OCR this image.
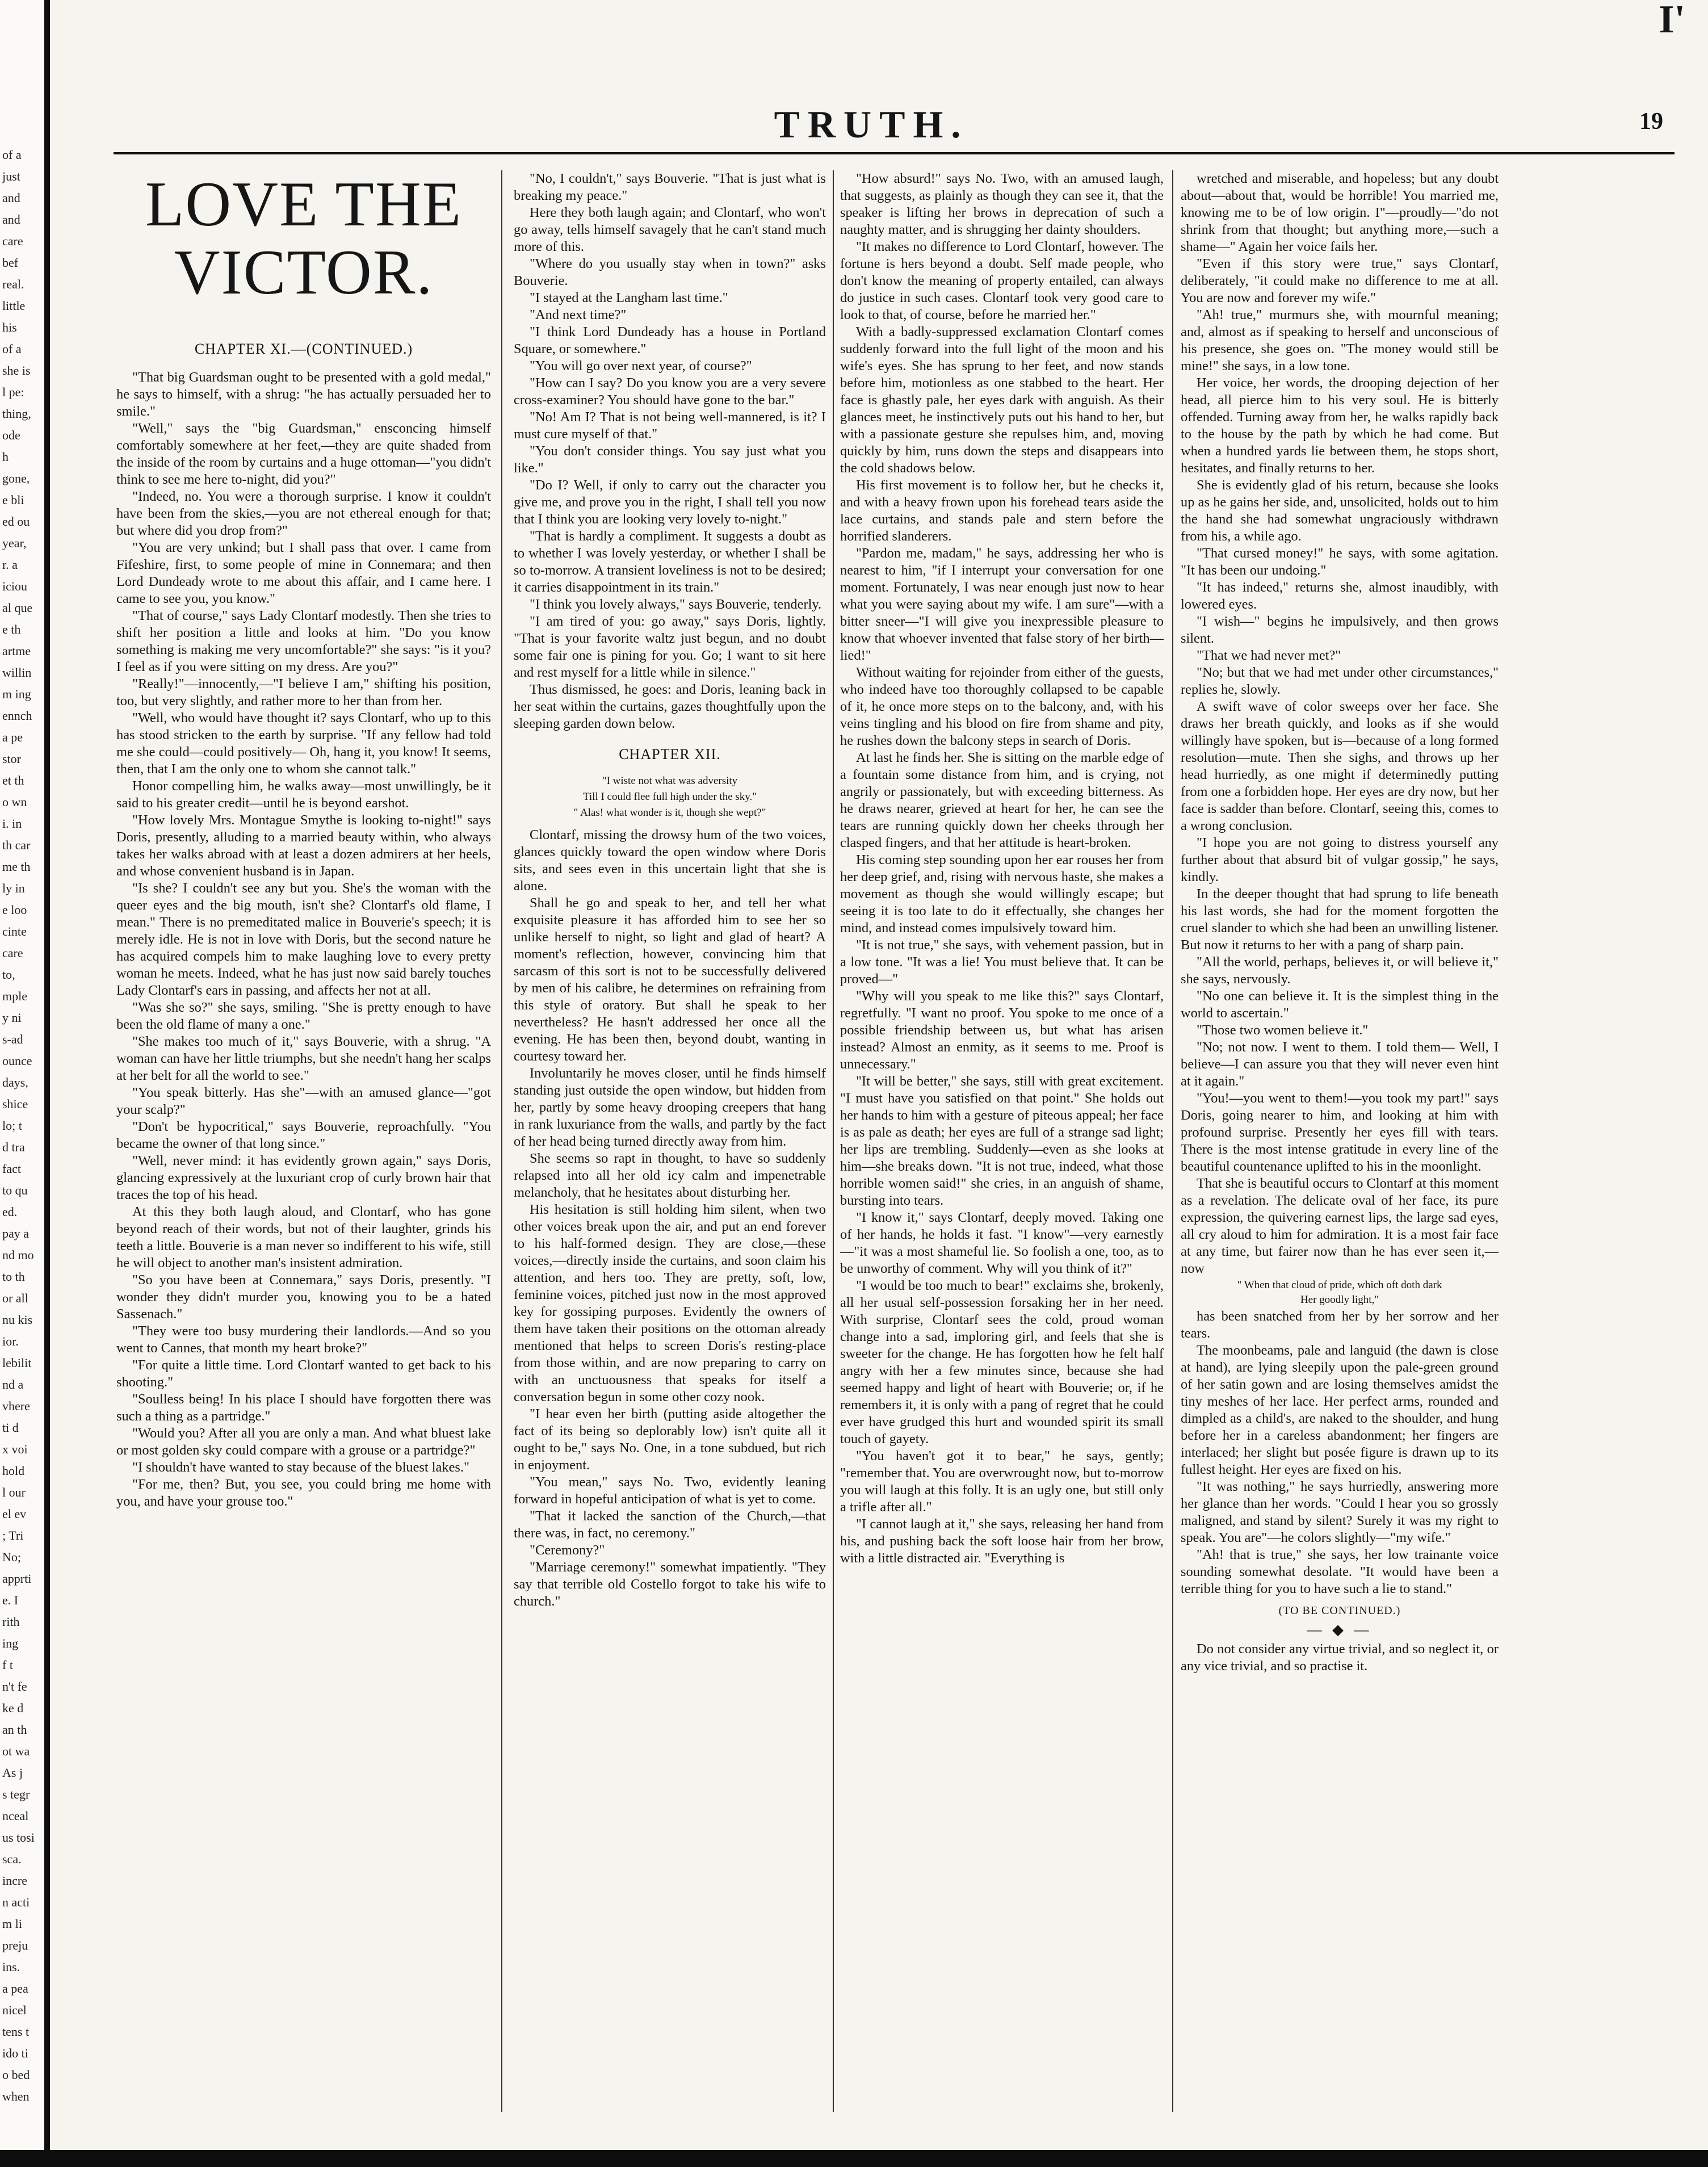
of a
just
and
and
care
bef
real.
little
his
of a
she is
l pe:
thing,
ode
h
gone,
e bli
ed ou
year,
r. a
iciou
al que
e th
artme
willin
m ing
ennch
a pe
stor
et th
o wn
i. in
th car
me th
ly in
e loo
cinte
care
to,
mple
y ni
s-ad
ounce
days,
shice
lo; t
d tra
fact
to qu
ed.
pay a
nd mo
to th
or all
nu kis
ior.
lebilit
nd a
vhere
ti d
x voi
hold
l our
el ev
; Tri
No;
apprti
e. I
rith
ing
f t
n't fe
ke d
an th
ot wa
As j
s tegr
nceal
us tosi
sca.
incre
n acti
m li
preju
ins.
a pea
nicel
tens t
ido ti
o bed
when
I'
TRUTH.	19
LOVE THE VICTOR.
CHAPTER XI.—(CONTINUED.)

"That big Guardsman ought to be presented with a gold medal," he says to himself, with a shrug: "he has actually persuaded her to smile."

"Well," says the "big Guardsman," ensconcing himself comfortably somewhere at her feet,—they are quite shaded from the inside of the room by curtains and a huge ottoman—"you didn't think to see me here to-night, did you?"

"Indeed, no. You were a thorough surprise. I know it couldn't have been from the skies,—you are not ethereal enough for that; but where did you drop from?"

"You are very unkind; but I shall pass that over. I came from Fifeshire, first, to some people of mine in Connemara; and then Lord Dundeady wrote to me about this affair, and I came here. I came to see you, you know."

"That of course," says Lady Clontarf modestly. Then she tries to shift her position a little and looks at him. "Do you know something is making me very uncomfortable?" she says: "is it you? I feel as if you were sitting on my dress. Are you?"

"Really!"—innocently,—"I believe I am," shifting his position, too, but very slightly, and rather more to her than from her.

"Well, who would have thought it? says Clontarf, who up to this has stood stricken to the earth by surprise. "If any fellow had told me she could—could positively— Oh, hang it, you know! It seems, then, that I am the only one to whom she cannot talk."

Honor compelling him, he walks away—most unwillingly, be it said to his greater credit—until he is beyond earshot.

"How lovely Mrs. Montague Smythe is looking to-night!" says Doris, presently, alluding to a married beauty within, who always takes her walks abroad with at least a dozen admirers at her heels, and whose convenient husband is in Japan.

"Is she? I couldn't see any but you. She's the woman with the queer eyes and the big mouth, isn't she? Clontarf's old flame, I mean." There is no premeditated malice in Bouverie's speech; it is merely idle. He is not in love with Doris, but the second nature he has acquired compels him to make laughing love to every pretty woman he meets. Indeed, what he has just now said barely touches Lady Clontarf's ears in passing, and affects her not at all.

"Was she so?" she says, smiling. "She is pretty enough to have been the old flame of many a one."

"She makes too much of it," says Bouverie, with a shrug. "A woman can have her little triumphs, but she needn't hang her scalps at her belt for all the world to see."

"You speak bitterly. Has she"—with an amused glance—"got your scalp?"

"Don't be hypocritical," says Bouverie, reproachfully. "You became the owner of that long since."

"Well, never mind: it has evidently grown again," says Doris, glancing expressively at the luxuriant crop of curly brown hair that traces the top of his head.

At this they both laugh aloud, and Clontarf, who has gone beyond reach of their words, but not of their laughter, grinds his teeth a little. Bouverie is a man never so indifferent to his wife, still he will object to another man's insistent admiration.

"So you have been at Connemara," says Doris, presently. "I wonder they didn't murder you, knowing you to be a hated Sassenach."

"They were too busy murdering their landlords.—And so you went to Cannes, that month my heart broke?"

"For quite a little time. Lord Clontarf wanted to get back to his shooting."

"Soulless being! In his place I should have forgotten there was such a thing as a partridge."

"Would you? After all you are only a man. And what bluest lake or most golden sky could compare with a grouse or a partridge?"

"I shouldn't have wanted to stay because of the bluest lakes."

"For me, then? But, you see, you could bring me home with you, and have your grouse too."

"No, I couldn't," says Bouverie. "That is just what is breaking my peace."

Here they both laugh again; and Clontarf, who won't go away, tells himself savagely that he can't stand much more of this.

"Where do you usually stay when in town?" asks Bouverie.

"I stayed at the Langham last time."

"And next time?"

"I think Lord Dundeady has a house in Portland Square, or somewhere."

"You will go over next year, of course?"

"How can I say? Do you know you are a very severe cross-examiner? You should have gone to the bar."

"No! Am I? That is not being well-mannered, is it? I must cure myself of that."

"You don't consider things. You say just what you like."

"Do I? Well, if only to carry out the character you give me, and prove you in the right, I shall tell you now that I think you are looking very lovely to-night."

"That is hardly a compliment. It suggests a doubt as to whether I was lovely yesterday, or whether I shall be so to-morrow. A transient loveliness is not to be desired; it carries disappointment in its train."

"I think you lovely always," says Bouverie, tenderly.

"I am tired of you: go away," says Doris, lightly. "That is your favorite waltz just begun, and no doubt some fair one is pining for you. Go; I want to sit here and rest myself for a little while in silence."

Thus dismissed, he goes: and Doris, leaning back in her seat within the curtains, gazes thoughtfully upon the sleeping garden down below.

CHAPTER XII.
"I wiste not what was adversity
Till I could flee full high under the sky."
" Alas! what wonder is it, though she wept?"

Clontarf, missing the drowsy hum of the two voices, glances quickly toward the open window where Doris sits, and sees even in this uncertain light that she is alone.

Shall he go and speak to her, and tell her what exquisite pleasure it has afforded him to see her so unlike herself to night, so light and glad of heart? A moment's reflection, however, convincing him that sarcasm of this sort is not to be successfully delivered by men of his calibre, he determines on refraining from this style of oratory. But shall he speak to her nevertheless? He hasn't addressed her once all the evening. He has been then, beyond doubt, wanting in courtesy toward her.

Involuntarily he moves closer, until he finds himself standing just outside the open window, but hidden from her, partly by some heavy drooping creepers that hang in rank luxuriance from the walls, and partly by the fact of her head being turned directly away from him.

She seems so rapt in thought, to have so suddenly relapsed into all her old icy calm and impenetrable melancholy, that he hesitates about disturbing her.

His hesitation is still holding him silent, when two other voices break upon the air, and put an end forever to his half-formed design. They are close,—these voices,—directly inside the curtains, and soon claim his attention, and hers too. They are pretty, soft, low, feminine voices, pitched just now in the most approved key for gossiping purposes. Evidently the owners of them have taken their positions on the ottoman already mentioned that helps to screen Doris's resting-place from those within, and are now preparing to carry on with an unctuousness that speaks for itself a conversation begun in some other cozy nook.

"I hear even her birth (putting aside altogether the fact of its being so deplorably low) isn't quite all it ought to be," says No. One, in a tone subdued, but rich in enjoyment.

"You mean," says No. Two, evidently leaning forward in hopeful anticipation of what is yet to come.

"That it lacked the sanction of the Church,—that there was, in fact, no ceremony."

"Ceremony?"

"Marriage ceremony!" somewhat impatiently. "They say that terrible old Costello forgot to take his wife to church."

"How absurd!" says No. Two, with an amused laugh, that suggests, as plainly as though they can see it, that the speaker is lifting her brows in deprecation of such a naughty matter, and is shrugging her dainty shoulders.

"It makes no difference to Lord Clontarf, however. The fortune is hers beyond a doubt. Self made people, who don't know the meaning of property entailed, can always do justice in such cases. Clontarf took very good care to look to that, of course, before he married her."

With a badly-suppressed exclamation Clontarf comes suddenly forward into the full light of the moon and his wife's eyes. She has sprung to her feet, and now stands before him, motionless as one stabbed to the heart. Her face is ghastly pale, her eyes dark with anguish. As their glances meet, he instinctively puts out his hand to her, but with a passionate gesture she repulses him, and, moving quickly by him, runs down the steps and disappears into the cold shadows below.

His first movement is to follow her, but he checks it, and with a heavy frown upon his forehead tears aside the lace curtains, and stands pale and stern before the horrified slanderers.

"Pardon me, madam," he says, addressing her who is nearest to him, "if I interrupt your conversation for one moment. Fortunately, I was near enough just now to hear what you were saying about my wife. I am sure"—with a bitter sneer—"I will give you inexpressible pleasure to know that whoever invented that false story of her birth—lied!"

Without waiting for rejoinder from either of the guests, who indeed have too thoroughly collapsed to be capable of it, he once more steps on to the balcony, and, with his veins tingling and his blood on fire from shame and pity, he rushes down the balcony steps in search of Doris.

At last he finds her. She is sitting on the marble edge of a fountain some distance from him, and is crying, not angrily or passionately, but with exceeding bitterness. As he draws nearer, grieved at heart for her, he can see the tears are running quickly down her cheeks through her clasped fingers, and that her attitude is heart-broken.

His coming step sounding upon her ear rouses her from her deep grief, and, rising with nervous haste, she makes a movement as though she would willingly escape; but seeing it is too late to do it effectually, she changes her mind, and instead comes impulsively toward him.

"It is not true," she says, with vehement passion, but in a low tone. "It was a lie! You must believe that. It can be proved—"

"Why will you speak to me like this?" says Clontarf, regretfully. "I want no proof. You spoke to me once of a possible friendship between us, but what has arisen instead? Almost an enmity, as it seems to me. Proof is unnecessary."

"It will be better," she says, still with great excitement. "I must have you satisfied on that point." She holds out her hands to him with a gesture of piteous appeal; her face is as pale as death; her eyes are full of a strange sad light; her lips are trembling. Suddenly—even as she looks at him—she breaks down. "It is not true, indeed, what those horrible women said!" she cries, in an anguish of shame, bursting into tears.

"I know it," says Clontarf, deeply moved. Taking one of her hands, he holds it fast. "I know"—very earnestly—"it was a most shameful lie. So foolish a one, too, as to be unworthy of comment. Why will you think of it?"

"I would be too much to bear!" exclaims she, brokenly, all her usual self-possession forsaking her in her need. With surprise, Clontarf sees the cold, proud woman change into a sad, imploring girl, and feels that she is sweeter for the change. He has forgotten how he felt half angry with her a few minutes since, because she had seemed happy and light of heart with Bouverie; or, if he remembers it, it is only with a pang of regret that he could ever have grudged this hurt and wounded spirit its small touch of gayety.

"You haven't got it to bear," he says, gently; "remember that. You are overwrought now, but to-morrow you will laugh at this folly. It is an ugly one, but still only a trifle after all."

"I cannot laugh at it," she says, releasing her hand from his, and pushing back the soft loose hair from her brow, with a little distracted air. "Everything is

wretched and miserable, and hopeless; but any doubt about—about that, would be horrible! You married me, knowing me to be of low origin. I"—proudly—"do not shrink from that thought; but anything more,—such a shame—" Again her voice fails her.

"Even if this story were true," says Clontarf, deliberately, "it could make no difference to me at all. You are now and forever my wife."

"Ah! true," murmurs she, with mournful meaning; and, almost as if speaking to herself and unconscious of his presence, she goes on. "The money would still be mine!" she says, in a low tone.

Her voice, her words, the drooping dejection of her head, all pierce him to his very soul. He is bitterly offended. Turning away from her, he walks rapidly back to the house by the path by which he had come. But when a hundred yards lie between them, he stops short, hesitates, and finally returns to her.

She is evidently glad of his return, because she looks up as he gains her side, and, unsolicited, holds out to him the hand she had somewhat ungraciously withdrawn from his, a while ago.

"That cursed money!" he says, with some agitation. "It has been our undoing."

"It has indeed," returns she, almost inaudibly, with lowered eyes.

"I wish—" begins he impulsively, and then grows silent.

"That we had never met?"

"No; but that we had met under other circumstances," replies he, slowly.

A swift wave of color sweeps over her face. She draws her breath quickly, and looks as if she would willingly have spoken, but is—because of a long formed resolution—mute. Then she sighs, and throws up her head hurriedly, as one might if determinedly putting from one a forbidden hope. Her eyes are dry now, but her face is sadder than before. Clontarf, seeing this, comes to a wrong conclusion.

"I hope you are not going to distress yourself any further about that absurd bit of vulgar gossip," he says, kindly.

In the deeper thought that had sprung to life beneath his last words, she had for the moment forgotten the cruel slander to which she had been an unwilling listener. But now it returns to her with a pang of sharp pain.

"All the world, perhaps, believes it, or will believe it," she says, nervously.

"No one can believe it. It is the simplest thing in the world to ascertain."

"Those two women believe it."

"No; not now. I went to them. I told them— Well, I believe—I can assure you that they will never even hint at it again."

"You!—you went to them!—you took my part!" says Doris, going nearer to him, and looking at him with profound surprise. Presently her eyes fill with tears. There is the most intense gratitude in every line of the beautiful countenance uplifted to his in the moonlight.

That she is beautiful occurs to Clontarf at this moment as a revelation. The delicate oval of her face, its pure expression, the quivering earnest lips, the large sad eyes, all cry aloud to him for admiration. It is a most fair face at any time, but fairer now than he has ever seen it,—now

" When that cloud of pride, which oft doth dark
Her goodly light,"

has been snatched from her by her sorrow and her tears.

The moonbeams, pale and languid (the dawn is close at hand), are lying sleepily upon the pale-green ground of her satin gown and are losing themselves amidst the tiny meshes of her lace. Her perfect arms, rounded and dimpled as a child's, are naked to the shoulder, and hung before her in a careless abandonment; her fingers are interlaced; her slight but posée figure is drawn up to its fullest height. Her eyes are fixed on his.

"It was nothing," he says hurriedly, answering more her glance than her words. "Could I hear you so grossly maligned, and stand by silent? Surely it was my right to speak. You are"—he colors slightly—"my wife."

"Ah! that is true," she says, her low trainante voice sounding somewhat desolate. "It would have been a terrible thing for you to have such a lie to stand."

(TO BE CONTINUED.)
— ◆ —

Do not consider any virtue trivial, and so neglect it, or any vice trivial, and so practise it.
